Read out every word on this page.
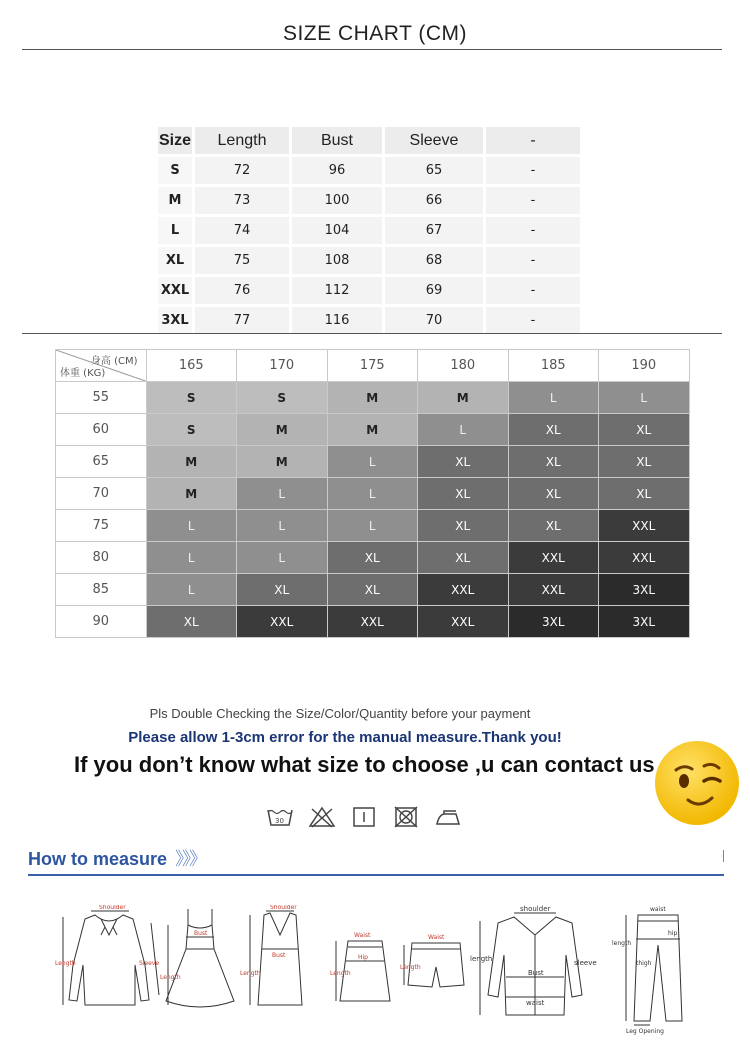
SIZE CHART (CM)
Size	Length	Bust	Sleeve	-
S	72	96	65	-
M	73	100	66	-
L	74	104	67	-
XL	75	108	68	-
XXL	76	112	69	-
3XL	77	116	70	-
身高 (CM)
体重 (KG)	165	170	175	180	185	190
55	S	S	M	M	L	L
60	S	M	M	L	XL	XL
65	M	M	L	XL	XL	XL
70	M	L	L	XL	XL	XL
75	L	L	L	XL	XL	XXL
80	L	L	XL	XL	XXL	XXL
85	L	XL	XL	XXL	XXL	3XL
90	XL	XXL	XXL	XXL	3XL	3XL
Pls Double Checking the Size/Color/Quantity before your payment
Please allow 1-3cm error for the manual measure.Thank you!
If you don’t know what size to choose ,u can contact us
30
How to measure 》》》
Shoulder
Length	Sleeve
Bust
Length
Shoulder
Bust
Length
Waist
Hip
Length
Waist
Length
shoulder
length
Bust
sleeve
waist
waist
hip
length
thigh
Leg Opening
